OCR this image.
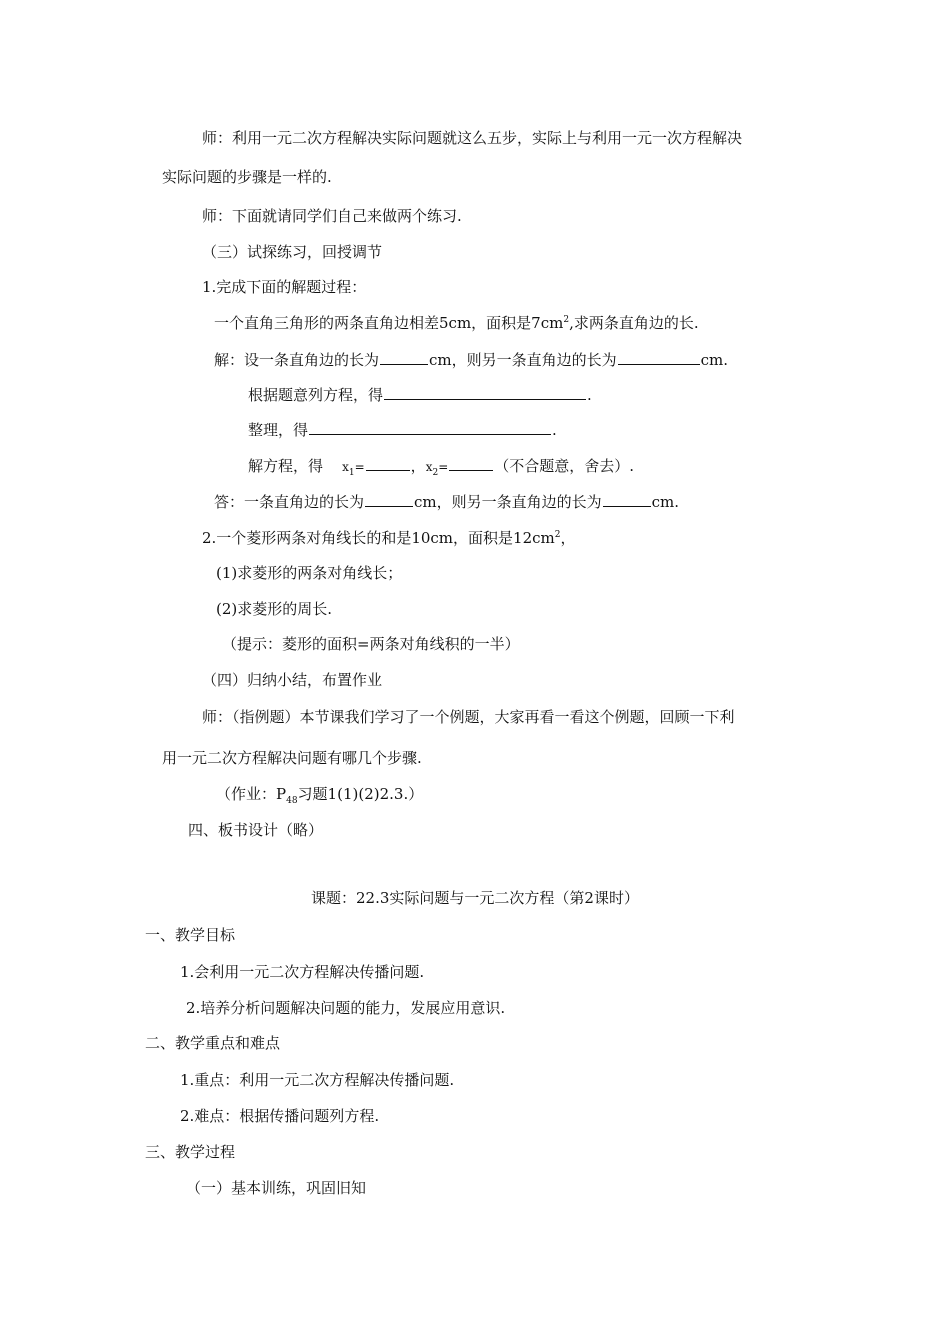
师：利用一元二次方程解决实际问题就这么五步，实际上与利用一元一次方程解决
实际问题的步骤是一样的.
师：下面就请同学们自己来做两个练习.
（三）试探练习，回授调节
1.完成下面的解题过程：
一个直角三角形的两条直角边相差5cm，面积是$7cm^2$,求两条直角边的长.
解：设一条直角边的长为	cm，则另一条直角边的长为	cm.
根据题意列方程，得	.
整理，得	.
解方程，得 $x_1=$	，$x_2=$	（不合题意，舍去）.
答：一条直角边的长为	cm，则另一条直角边的长为	cm.
2.一个菱形两条对角线长的和是10cm，面积是$12cm^2$，
(1)求菱形的两条对角线长；
(2)求菱形的周长.
（提示：菱形的面积=两条对角线积的一半）
（四）归纳小结，布置作业
师：（指例题）本节课我们学习了一个例题，大家再看一看这个例题，回顾一下利
用一元二次方程解决问题有哪几个步骤.
（作业：$P_{48}$习题1(1)(2)2.3.）
四、板书设计（略）
课题：22.3实际问题与一元二次方程（第2课时）
一、教学目标
1.会利用一元二次方程解决传播问题.
2.培养分析问题解决问题的能力，发展应用意识.
二、教学重点和难点
1.重点：利用一元二次方程解决传播问题.
2.难点：根据传播问题列方程.
三、教学过程
（一）基本训练，巩固旧知
